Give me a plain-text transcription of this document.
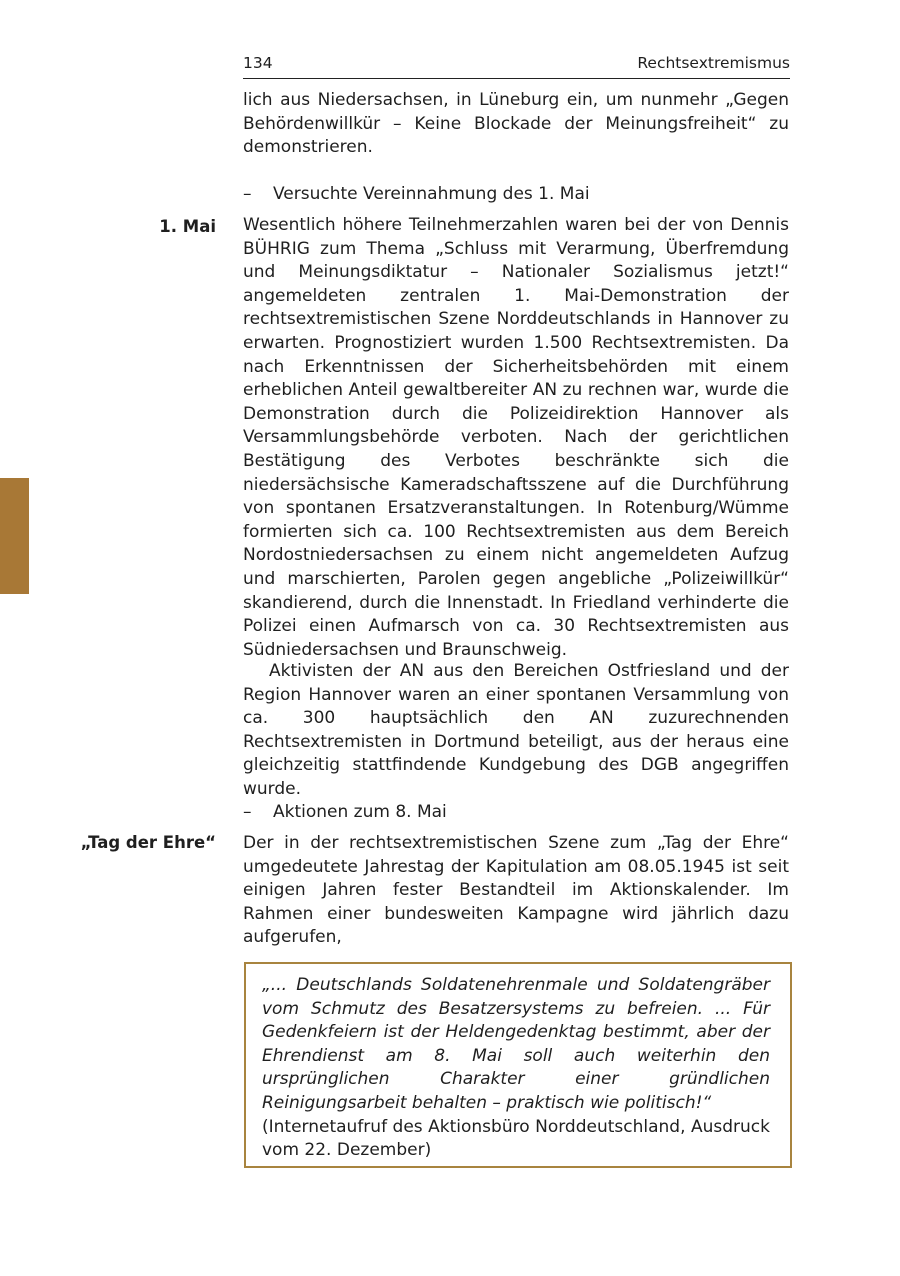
134	Rechtsextremismus

lich aus Niedersachsen, in Lüneburg ein, um nunmehr „Gegen Behördenwillkür – Keine Blockade der Meinungsfreiheit“ zu demonstrieren.

– Versuchte Vereinnahmung des 1. Mai
1. Mai Wesentlich höhere Teilnehmerzahlen waren bei der von Dennis BÜHRIG zum Thema „Schluss mit Verarmung, Überfremdung und Meinungsdiktatur – Nationaler Sozialismus jetzt!“ angemeldeten zentralen 1. Mai-Demonstration der rechtsextremistischen Szene Norddeutschlands in Hannover zu erwarten. Prognostiziert wurden 1.500 Rechtsextremisten. Da nach Erkenntnissen der Sicherheitsbehörden mit einem erheblichen Anteil gewaltbereiter AN zu rechnen war, wurde die Demonstration durch die Polizeidirektion Hannover als Versammlungsbehörde verboten. Nach der gerichtlichen Bestätigung des Verbotes beschränkte sich die niedersächsische Kameradschaftsszene auf die Durchführung von spontanen Ersatzveranstaltungen. In Rotenburg/Wümme formierten sich ca. 100 Rechtsextremisten aus dem Bereich Nordostniedersachsen zu einem nicht angemeldeten Aufzug und marschierten, Parolen gegen angebliche „Polizeiwillkür“ skandierend, durch die Innenstadt. In Friedland verhinderte die Polizei einen Aufmarsch von ca. 30 Rechtsextremisten aus Südniedersachsen und Braunschweig.

Aktivisten der AN aus den Bereichen Ostfriesland und der Region Hannover waren an einer spontanen Versammlung von ca. 300 hauptsächlich den AN zuzurechnenden Rechtsextremisten in Dortmund beteiligt, aus der heraus eine gleichzeitig stattfindende Kundgebung des DGB angegriffen wurde.

– Aktionen zum 8. Mai
„Tag der Ehre“ Der in der rechtsextremistischen Szene zum „Tag der Ehre“ umgedeutete Jahrestag der Kapitulation am 08.05.1945 ist seit einigen Jahren fester Bestandteil im Aktionskalender. Im Rahmen einer bundesweiten Kampagne wird jährlich dazu aufgerufen,

„... Deutschlands Soldatenehrenmale und Soldatengräber vom Schmutz des Besatzersystems zu befreien. ... Für Gedenkfeiern ist der Heldengedenktag bestimmt, aber der Ehrendienst am 8. Mai soll auch weiterhin den ursprünglichen Charakter einer gründlichen Reinigungsarbeit behalten – praktisch wie politisch!“
(Internetaufruf des Aktionsbüro Norddeutschland, Ausdruck vom 22. Dezember)
